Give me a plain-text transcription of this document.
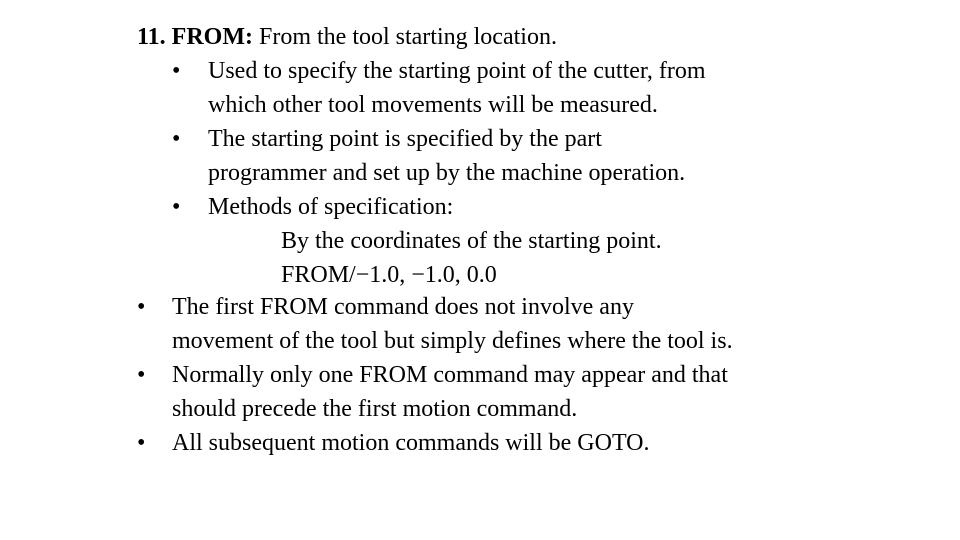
11. FROM: From the tool starting location.
• Used to specify the starting point of the cutter, from
which other tool movements will be measured.
• The starting point is specified by the part
programmer and set up by the machine operation.
• Methods of specification:
By the coordinates of the starting point.
FROM/−1.0, −1.0, 0.0
• The first FROM command does not involve any
movement of the tool but simply defines where the tool is.
• Normally only one FROM command may appear and that
should precede the first motion command.
• All subsequent motion commands will be GOTO.
